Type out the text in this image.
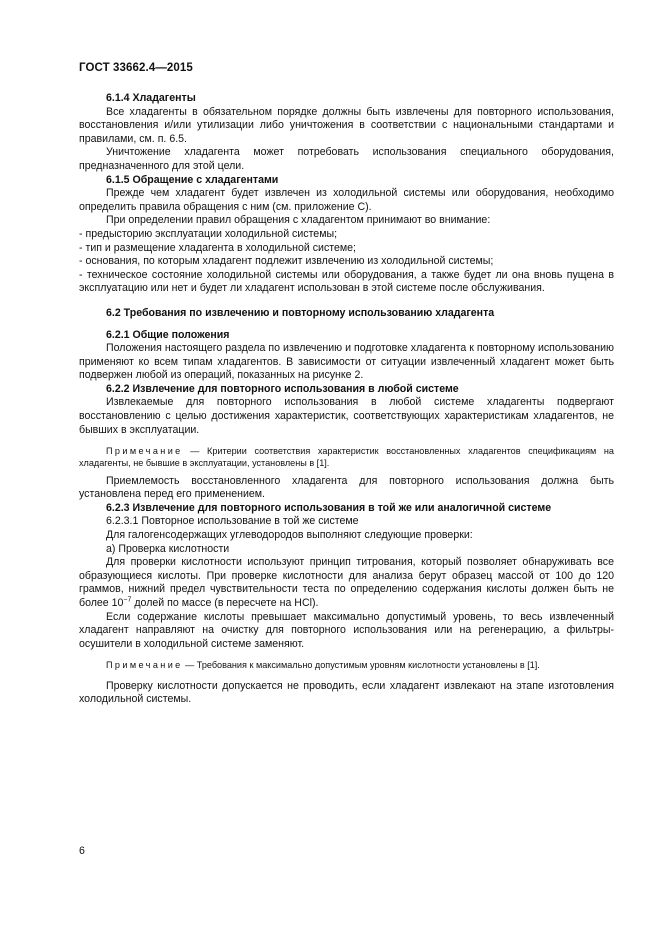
ГОСТ 33662.4—2015

6.1.4 Хладагенты

Все хладагенты в обязательном порядке должны быть извлечены для повторного использования, восстановления и/или утилизации либо уничтожения в соответствии с национальными стандартами и правилами, см. п. 6.5.

Уничтожение хладагента может потребовать использования специального оборудования, предназначенного для этой цели.

6.1.5 Обращение с хладагентами

Прежде чем хладагент будет извлечен из холодильной системы или оборудования, необходимо определить правила обращения с ним (см. приложение С).

При определении правил обращения с хладагентом принимают во внимание:

- предысторию эксплуатации холодильной системы;

- тип и размещение хладагента в холодильной системе;

- основания, по которым хладагент подлежит извлечению из холодильной системы;

- техническое состояние холодильной системы или оборудования, а также будет ли она вновь пущена в эксплуатацию или нет и будет ли хладагент использован в этой системе после обслуживания.

6.2 Требования по извлечению и повторному использованию хладагента

6.2.1 Общие положения

Положения настоящего раздела по извлечению и подготовке хладагента к повторному использованию применяют ко всем типам хладагентов. В зависимости от ситуации извлеченный хладагент может быть подвержен любой из операций, показанных на рисунке 2.

6.2.2 Извлечение для повторного использования в любой системе

Извлекаемые для повторного использования в любой системе хладагенты подвергают восстановлению с целью достижения характеристик, соответствующих характеристикам хладагентов, не бывших в эксплуатации.

Примечание — Критерии соответствия характеристик восстановленных хладагентов спецификациям на хладагенты, не бывшие в эксплуатации, установлены в [1].

Приемлемость восстановленного хладагента для повторного использования должна быть установлена перед его применением.

6.2.3 Извлечение для повторного использования в той же или аналогичной системе

6.2.3.1 Повторное использование в той же системе

Для галогенсодержащих углеводородов выполняют следующие проверки:

а) Проверка кислотности

Для проверки кислотности используют принцип титрования, который позволяет обнаруживать все образующиеся кислоты. При проверке кислотности для анализа берут образец массой от 100 до 120 граммов, нижний предел чувствительности теста по определению содержания кислоты должен быть не более $10^{-7}$ долей по массе (в пересчете на HCl).

Если содержание кислоты превышает максимально допустимый уровень, то весь извлеченный хладагент направляют на очистку для повторного использования или на регенерацию, а фильтры-осушители в холодильной системе заменяют.

Примечание — Требования к максимально допустимым уровням кислотности установлены в [1].

Проверку кислотности допускается не проводить, если хладагент извлекают на этапе изготовления холодильной системы.

6
